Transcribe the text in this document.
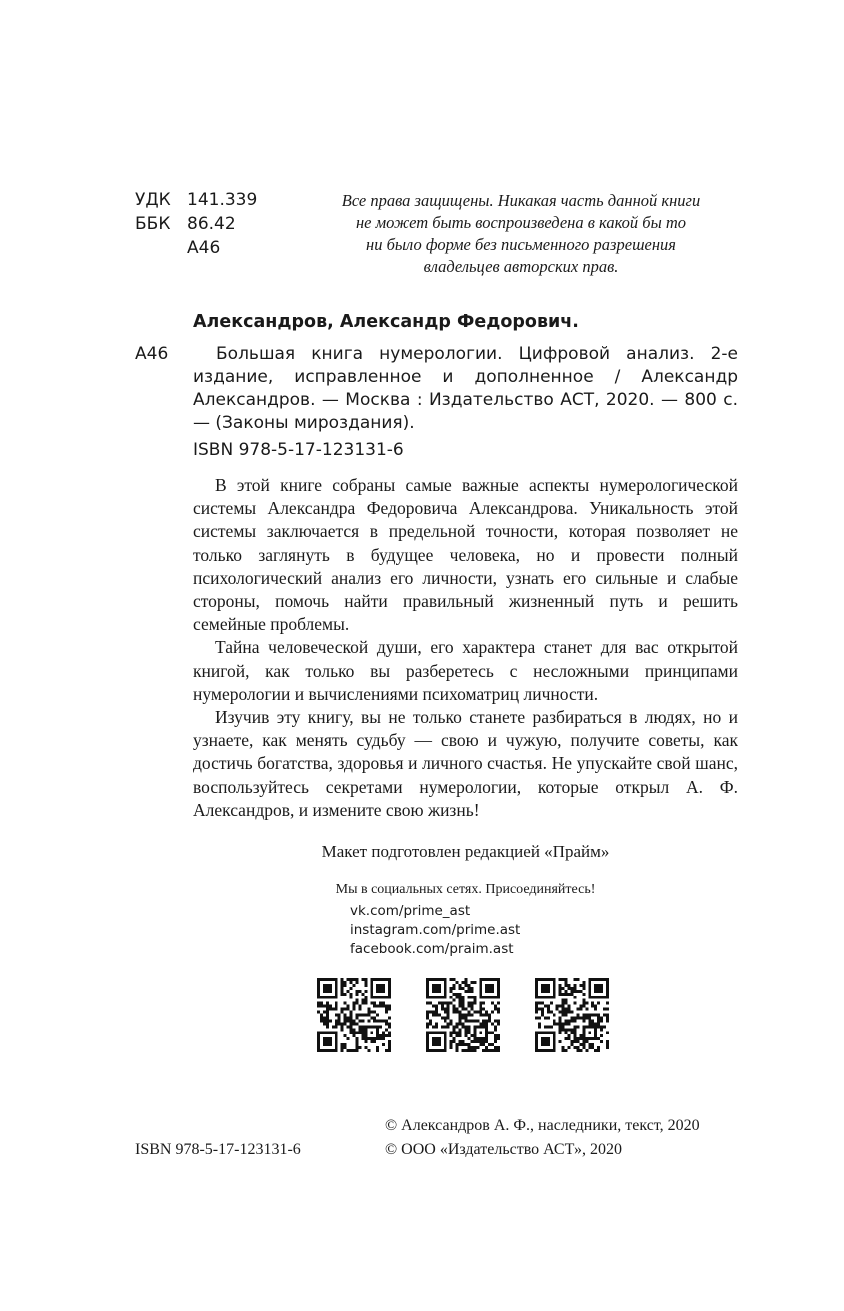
УДК 141.339
ББК 86.42
А46
Все права защищены. Никакая часть данной книги
не может быть воспроизведена в какой бы то
ни было форме без письменного разрешения
владельцев авторских прав.
Александров, Александр Федорович.
А46	Большая книга нумерологии. Цифровой анализ. 2-е издание, исправленное и дополненное / Александр Александров. — Москва : Издательство АСТ, 2020. — 800 с. — (Законы мироздания).
ISBN 978-5-17-123131-6

В этой книге собраны самые важные аспекты нумерологической системы Александра Федоровича Александрова. Уникальность этой системы заключается в предельной точности, которая позволяет не только заглянуть в будущее человека, но и провести полный психологический анализ его личности, узнать его сильные и слабые стороны, помочь найти правильный жизненный путь и решить семейные проблемы.

Тайна человеческой души, его характера станет для вас открытой книгой, как только вы разберетесь с несложными принципами нумерологии и вычислениями психоматриц личности.

Изучив эту книгу, вы не только станете разбираться в людях, но и узнаете, как менять судьбу — свою и чужую, получите советы, как достичь богатства, здоровья и личного счастья. Не упускайте свой шанс, воспользуйтесь секретами нумерологии, которые открыл А. Ф. Александров, и измените свою жизнь!

Макет подготовлен редакцией «Прайм»
Мы в социальных сетях. Присоединяйтесь!
vk.com/prime_ast
instagram.com/prime.ast
facebook.com/praim.ast
ISBN 978-5-17-123131-6
© Александров А. Ф., наследники, текст, 2020
© ООО «Издательство АСТ», 2020
